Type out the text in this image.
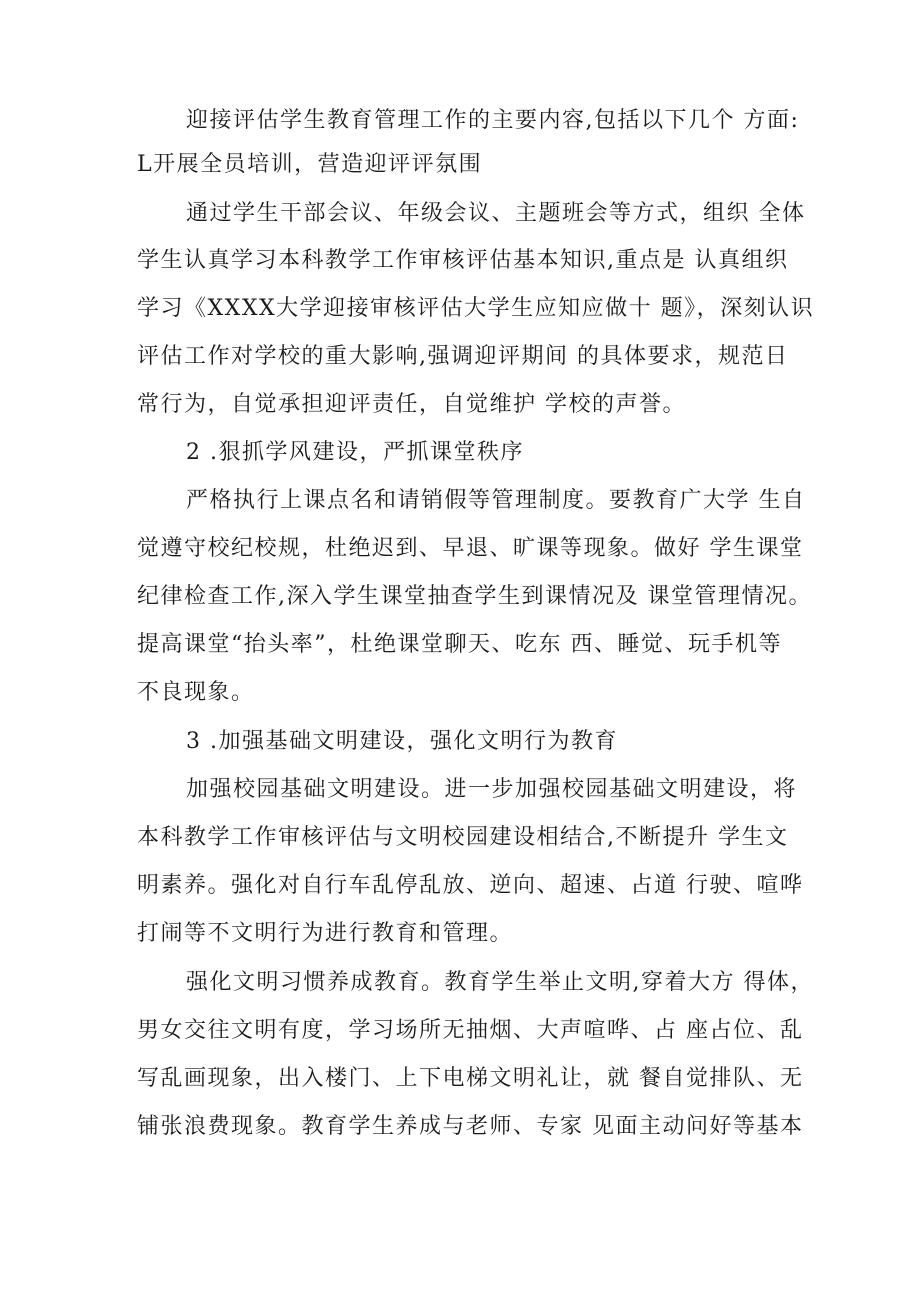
迎接评估学生教育管理工作的主要内容,包括以下几个 方面:
L开展全员培训，营造迎评评氛围
通过学生干部会议、年级会议、主题班会等方式，组织 全体
学生认真学习本科教学工作审核评估基本知识,重点是 认真组织
学习《XXXX大学迎接审核评估大学生应知应做十 题》，深刻认识
评估工作对学校的重大影响,强调迎评期间 的具体要求，规范日
常行为，自觉承担迎评责任，自觉维护 学校的声誉。
2 .狠抓学风建设，严抓课堂秩序
严格执行上课点名和请销假等管理制度。要教育广大学 生自
觉遵守校纪校规，杜绝迟到、早退、旷课等现象。做好 学生课堂
纪律检查工作,深入学生课堂抽查学生到课情况及 课堂管理情况。
提高课堂“抬头率”，杜绝课堂聊天、吃东 西、睡觉、玩手机等
不良现象。
3 .加强基础文明建设，强化文明行为教育
加强校园基础文明建设。进一步加强校园基础文明建设，将
本科教学工作审核评估与文明校园建设相结合,不断提升 学生文
明素养。强化对自行车乱停乱放、逆向、超速、占道 行驶、喧哗
打闹等不文明行为进行教育和管理。
强化文明习惯养成教育。教育学生举止文明,穿着大方 得体，
男女交往文明有度，学习场所无抽烟、大声喧哗、占 座占位、乱
写乱画现象，出入楼门、上下电梯文明礼让，就 餐自觉排队、无
铺张浪费现象。教育学生养成与老师、专家 见面主动问好等基本
